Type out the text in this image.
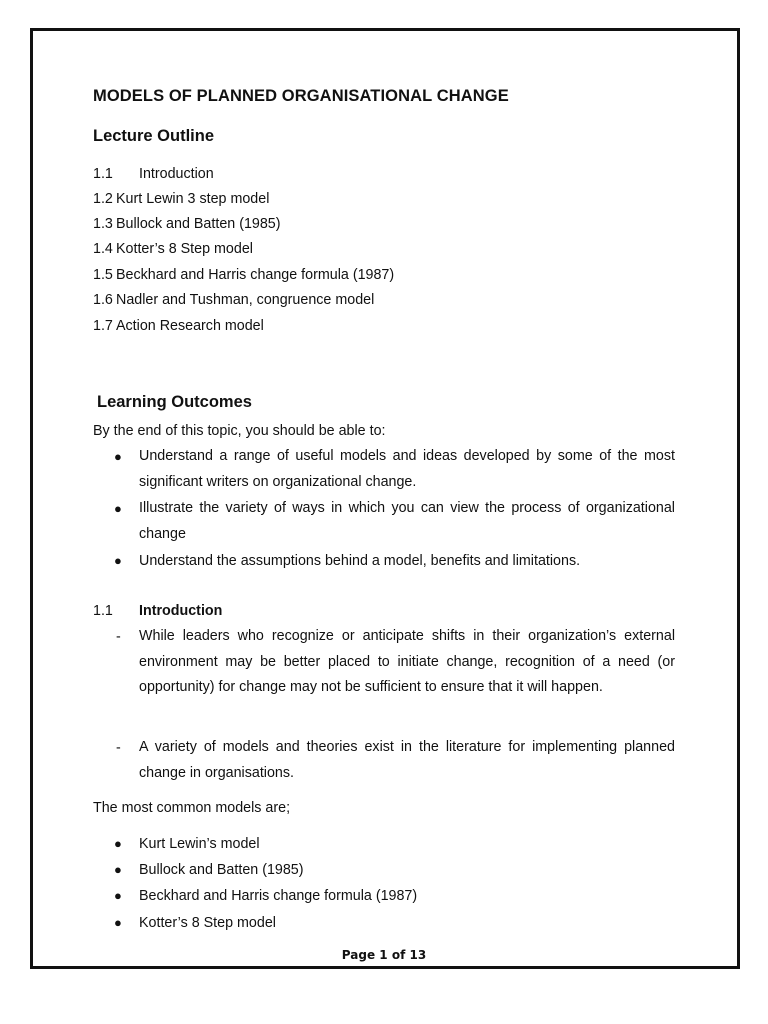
MODELS OF PLANNED ORGANISATIONAL CHANGE
Lecture Outline
1.1 Introduction
1.2 Kurt Lewin 3 step model
1.3 Bullock and Batten (1985)
1.4 Kotter’s 8 Step model
1.5 Beckhard and Harris change formula (1987)
1.6 Nadler and Tushman, congruence model
1.7 Action Research model
Learning Outcomes
By the end of this topic, you should be able to:
● Understand a range of useful models and ideas developed by some of the most significant writers on organizational change.
● Illustrate the variety of ways in which you can view the process of organizational change
● Understand the assumptions behind a model, benefits and limitations.
1.1 Introduction
- While leaders who recognize or anticipate shifts in their organization’s external environment may be better placed to initiate change, recognition of a need (or opportunity) for change may not be sufficient to ensure that it will happen.
- A variety of models and theories exist in the literature for implementing planned change in organisations.
The most common models are;
● Kurt Lewin’s model
● Bullock and Batten (1985)
● Beckhard and Harris change formula (1987)
● Kotter’s 8 Step model
Page 1 of 13
